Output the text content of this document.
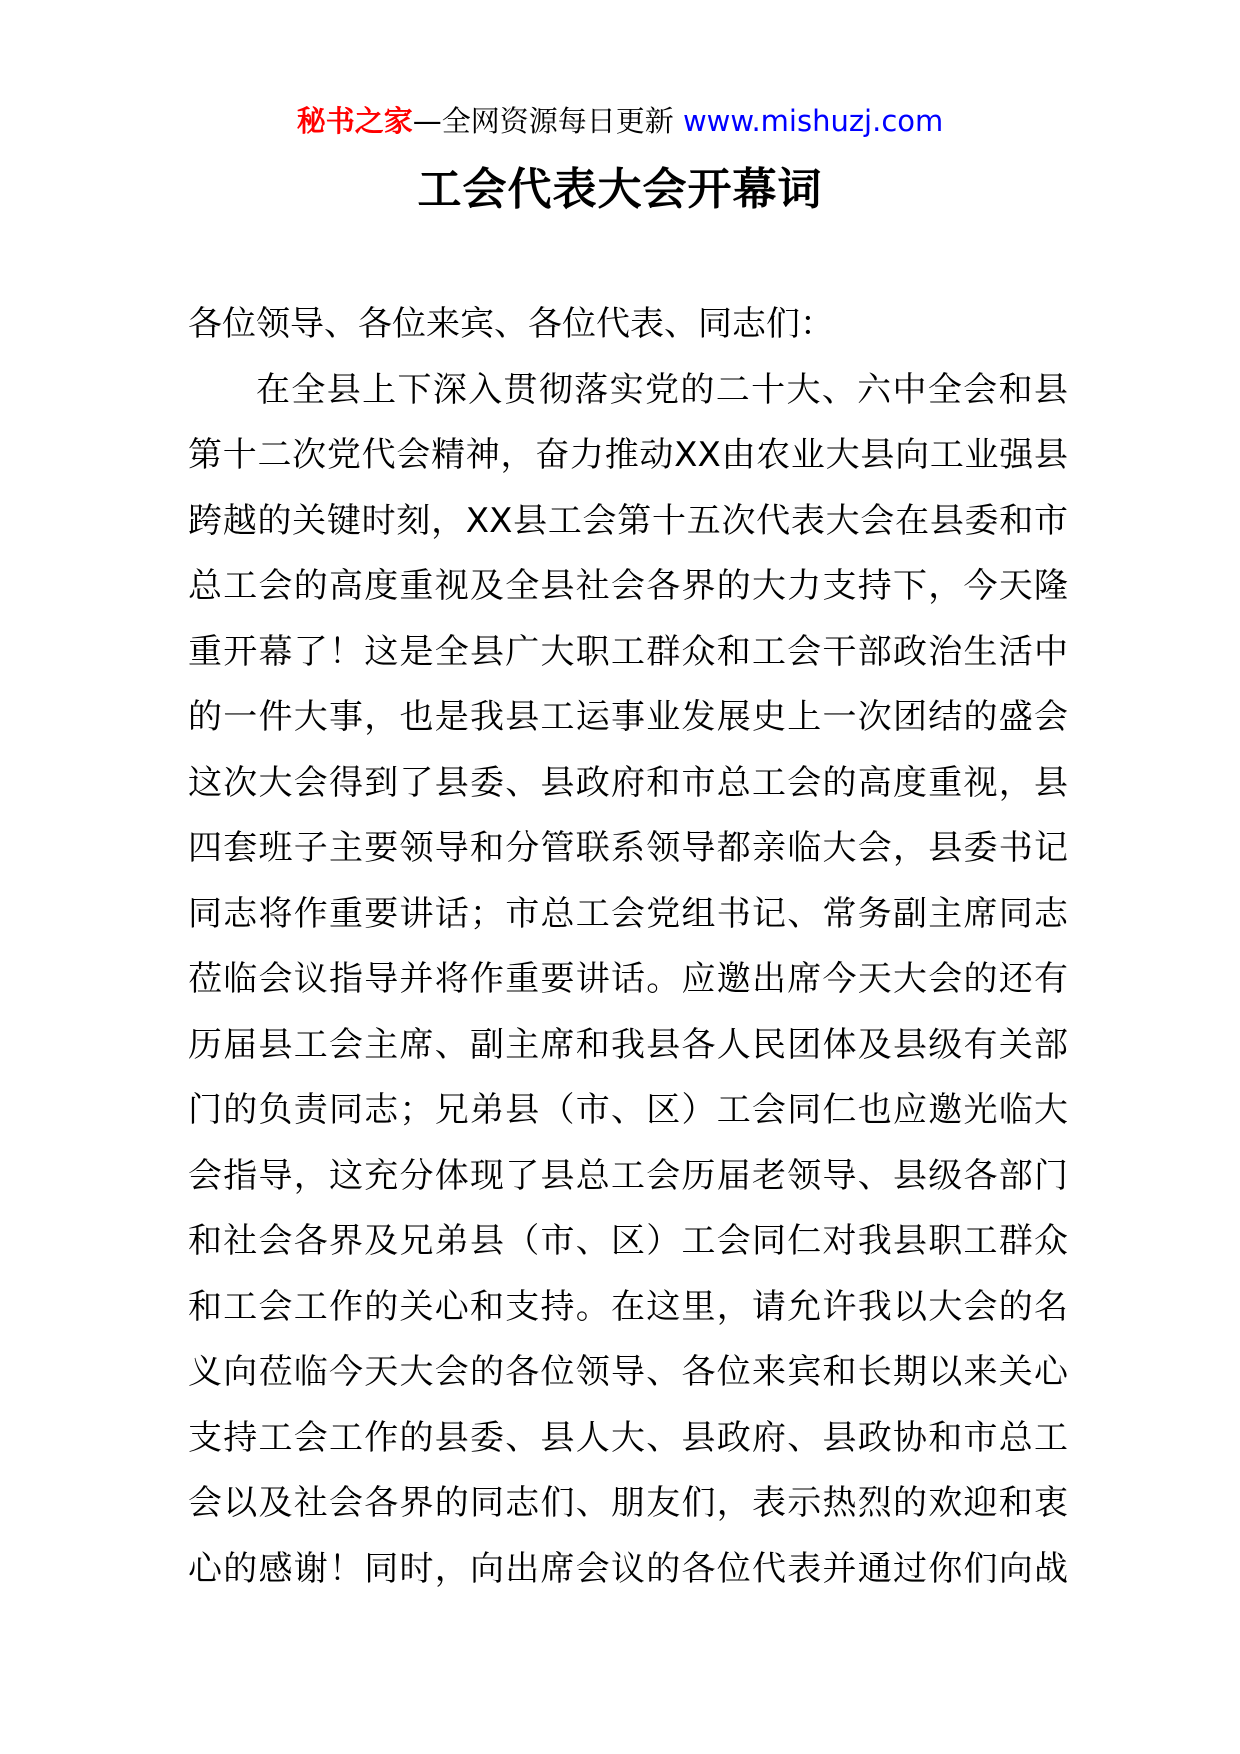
秘书之家—全网资源每日更新 www.mishuzj.com
工会代表大会开幕词
各位领导、各位来宾、各位代表、同志们：
在全县上下深入贯彻落实党的二十大、六中全会和县
第十二次党代会精神，奋力推动XX由农业大县向工业强县
跨越的关键时刻，XX县工会第十五次代表大会在县委和市
总工会的高度重视及全县社会各界的大力支持下，今天隆
重开幕了！这是全县广大职工群众和工会干部政治生活中
的一件大事，也是我县工运事业发展史上一次团结的盛会
这次大会得到了县委、县政府和市总工会的高度重视，县
四套班子主要领导和分管联系领导都亲临大会，县委书记
同志将作重要讲话；市总工会党组书记、常务副主席同志
莅临会议指导并将作重要讲话。应邀出席今天大会的还有
历届县工会主席、副主席和我县各人民团体及县级有关部
门的负责同志；兄弟县（市、区）工会同仁也应邀光临大
会指导，这充分体现了县总工会历届老领导、县级各部门
和社会各界及兄弟县（市、区）工会同仁对我县职工群众
和工会工作的关心和支持。在这里，请允许我以大会的名
义向莅临今天大会的各位领导、各位来宾和长期以来关心
支持工会工作的县委、县人大、县政府、县政协和市总工
会以及社会各界的同志们、朋友们，表示热烈的欢迎和衷
心的感谢！同时，向出席会议的各位代表并通过你们向战
